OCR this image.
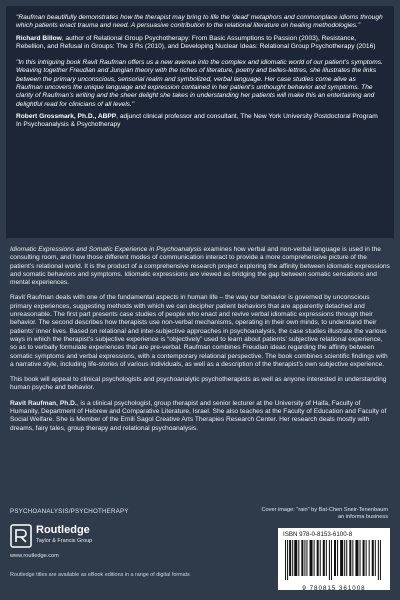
"Raufman beautifully demonstrates how the therapist may bring to life the ‘dead’ metaphors and commonplace idioms through which patients enact trauma and need. A persuasive contribution to the relational literature on healing methodologies."

Richard Billow, author of Relational Group Psychotherapy: From Basic Assumptions to Passion (2003), Resistance, Rebellion, and Refusal in Groups: The 3 Rs (2010), and Developing Nuclear Ideas: Relational Group Psychotherapy (2016)

"In this intriguing book Ravit Raufman offers us a new avenue into the complex and idiomatic world of our patient’s symptoms. Weaving together Freudian and Jungian theory with the riches of literature, poetry and belles-lettres, she illustrates the links between the primary unconscious, sensorial realm and symbolized, verbal language. Her case studies come alive as Raufman uncovers the unique language and expression contained in her patient’s unthought behavior and symptoms. The clarity of Raufman’s writing and the sheer delight she takes in understanding her patients will make this an entertaining and delightful read for clinicians of all levels."

Robert Grossmark, Ph.D., ABPP, adjunct clinical professor and consultant, The New York University Postdoctoral Program In Psychoanalysis & Psychotherapy

Idiomatic Expressions and Somatic Experience in Psychoanalysis examines how verbal and non-verbal language is used in the consulting room, and how those different modes of communication interact to provide a more comprehensive picture of the patient’s relational world. It is the product of a comprehensive research project exploring the affinity between idiomatic expressions and somatic behaviors and symptoms. Idiomatic expressions are viewed as bridging the gap between somatic sensations and mental experiences.

Ravit Raufman deals with one of the fundamental aspects in human life – the way our behavior is governed by unconscious primary experiences, suggesting methods with which we can decipher patient behaviors that are apparently detached and unreasonable. The first part presents case studies of people who enact and revive verbal idiomatic expressions through their behavior. The second describes how therapists use non-verbal mechanisms, operating in their own minds, to understand their patients’ inner lives. Based on relational and inter-subjective approaches in psychoanalysis, the case studies illustrate the various ways in which the therapist’s subjective experience is “objectively” used to learn about patients’ subjective relational experience, so as to verbally formulate experiences that are pre-verbal. Raufman combines Freudian ideas regarding the affinity between somatic symptoms and verbal expressions, with a contemporary relational perspective. The book combines scientific findings with a narrative style, including life-stories of various individuals, as well as a description of the therapist’s own subjective experience.

This book will appeal to clinical psychologists and psychoanalytic psychotherapists as well as anyone interested in understanding human psyche and behavior.

Ravit Raufman, Ph.D., is a clinical psychologist, group therapist and senior lecturer at the University of Haifa, Faculty of Humanity, Department of Hebrew and Comparative Literature, Israel. She also teaches at the Faculty of Education and Faculty of Social Welfare. She is Member of the Emili Sagol Creative Arts Therapies Research Center. Her research deals mostly with dreams, fairy tales, group therapy and relational psychoanalysis.

PSYCHOANALYSIS/PSYCHOTHERAPY	Cover image: "rain" by Bat-Chen Sneir-Tenenbaum
an informa business
Routledge
Taylor & Francis Group
www.routledge.com
Routledge titles are available as eBook editions in a range of digital formats
ISBN 978-0-8153-6100-8
9 780815 361008
